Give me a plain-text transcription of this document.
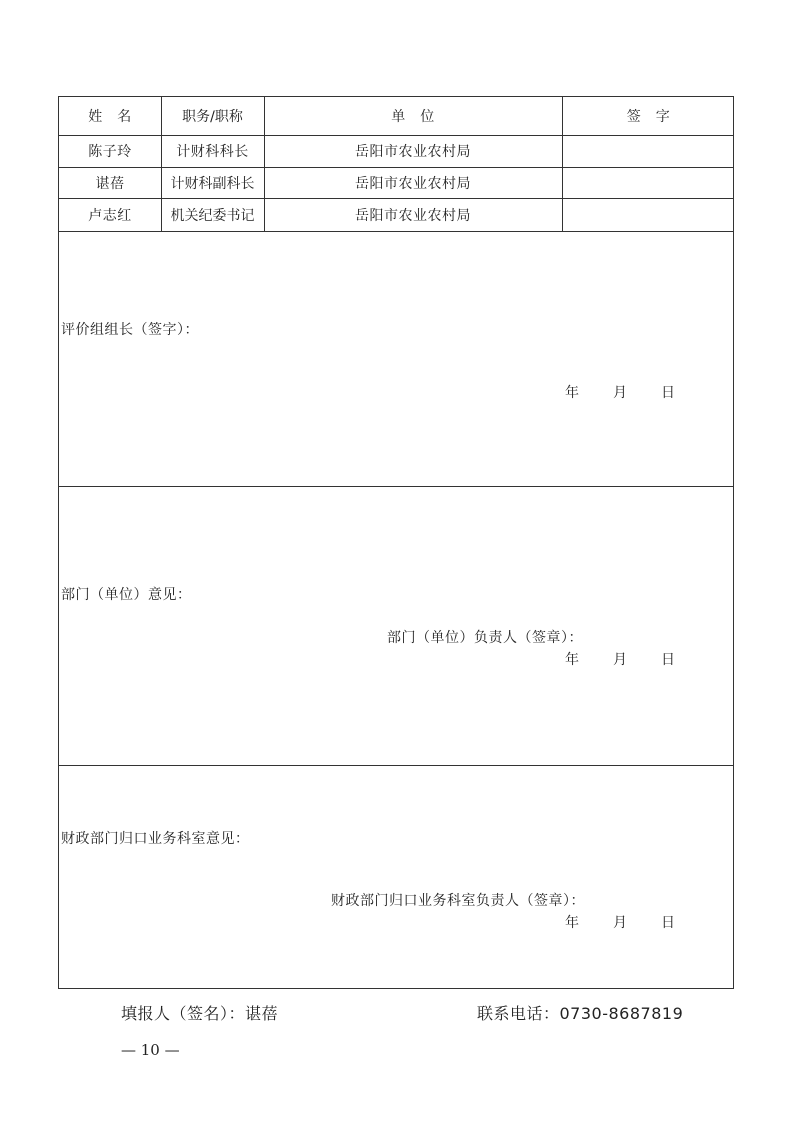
姓　名	职务/职称	单　位	签　字
陈子玲	计财科科长	岳阳市农业农村局
谌蓓	计财科副科长	岳阳市农业农村局
卢志红	机关纪委书记	岳阳市农业农村局
评价组组长（签字）：
年 月 日
部门（单位）意见：
部门（单位）负责人（签章）：
年 月 日
财政部门归口业务科室意见：
财政部门归口业务科室负责人（签章）：
年 月 日
填报人（签名）：谌蓓	联系电话：0730-8687819
— 10 —
